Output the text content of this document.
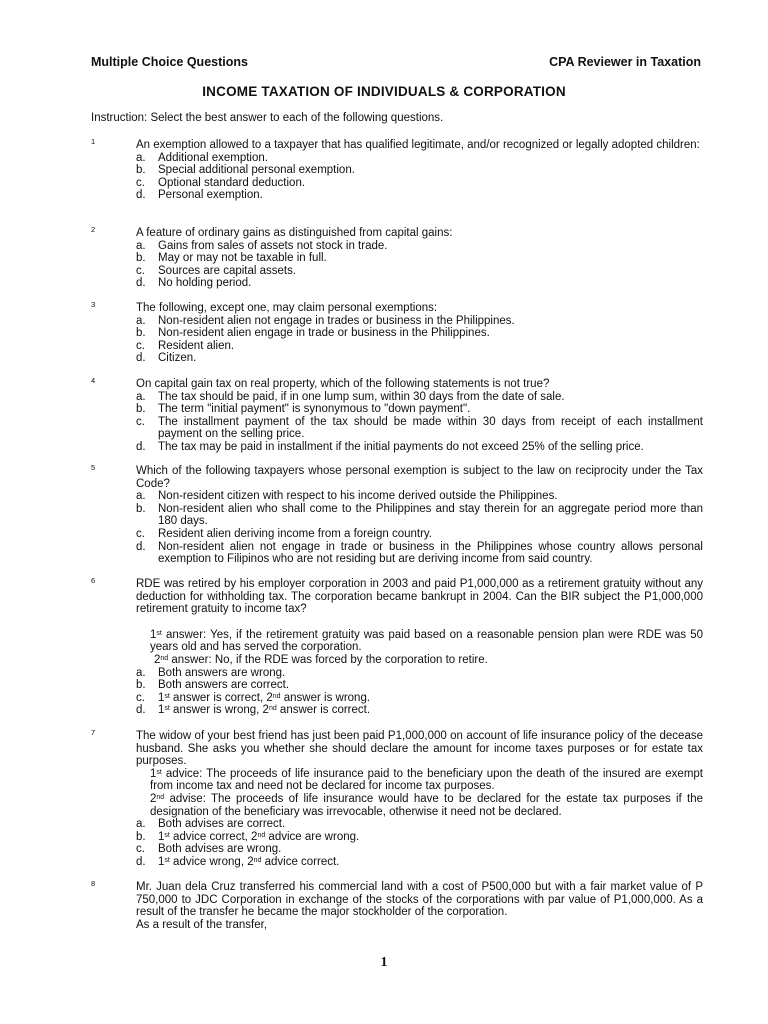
Multiple Choice Questions	CPA Reviewer in Taxation
INCOME TAXATION OF INDIVIDUALS & CORPORATION
Instruction: Select the best answer to each of the following questions.
1	An exemption allowed to a taxpayer that has qualified legitimate, and/or recognized or legally adopted children:
a.	Additional exemption.
b.	Special additional personal exemption.
c.	Optional standard deduction.
d.	Personal exemption.
2	A feature of ordinary gains as distinguished from capital gains:
a.	Gains from sales of assets not stock in trade.
b.	May or may not be taxable in full.
c.	Sources are capital assets.
d.	No holding period.
3	The following, except one, may claim personal exemptions:
a.	Non-resident alien not engage in trades or business in the Philippines.
b.	Non-resident alien engage in trade or business in the Philippines.
c.	Resident alien.
d.	Citizen.
4	On capital gain tax on real property, which of the following statements is not true?
a.	The tax should be paid, if in one lump sum, within 30 days from the date of sale.
b.	The term "initial payment" is synonymous to "down payment".
c.	The installment payment of the tax should be made within 30 days from receipt of each installment payment on the selling price.
d.	The tax may be paid in installment if the initial payments do not exceed 25% of the selling price.
5	Which of the following taxpayers whose personal exemption is subject to the law on reciprocity under the Tax Code?
a.	Non-resident citizen with respect to his income derived outside the Philippines.
b.	Non-resident alien who shall come to the Philippines and stay therein for an aggregate period more than 180 days.
c.	Resident alien deriving income from a foreign country.
d.	Non-resident alien not engage in trade or business in the Philippines whose country allows personal exemption to Filipinos who are not residing but are deriving income from said country.
6	RDE was retired by his employer corporation in 2003 and paid P1,000,000 as a retirement gratuity without any deduction for withholding tax. The corporation became bankrupt in 2004. Can the BIR subject the P1,000,000 retirement gratuity to income tax?
1st answer: Yes, if the retirement gratuity was paid based on a reasonable pension plan were RDE was 50 years old and has served the corporation.
2nd answer: No, if the RDE was forced by the corporation to retire.
a.	Both answers are wrong.
b.	Both answers are correct.
c.	1st answer is correct, 2nd answer is wrong.
d.	1st answer is wrong, 2nd answer is correct.
7	The widow of your best friend has just been paid P1,000,000 on account of life insurance policy of the decease husband. She asks you whether she should declare the amount for income taxes purposes or for estate tax purposes.
1st advice: The proceeds of life insurance paid to the beneficiary upon the death of the insured are exempt from income tax and need not be declared for income tax purposes.
2nd advise: The proceeds of life insurance would have to be declared for the estate tax purposes if the designation of the beneficiary was irrevocable, otherwise it need not be declared.
a.	Both advises are correct.
b.	1st advice correct, 2nd advice are wrong.
c.	Both advises are wrong.
d.	1st advice wrong, 2nd advice correct.
8	Mr. Juan dela Cruz transferred his commercial land with a cost of P500,000 but with a fair market value of P 750,000 to JDC Corporation in exchange of the stocks of the corporations with par value of P1,000,000. As a result of the transfer he became the major stockholder of the corporation.
As a result of the transfer,
1
